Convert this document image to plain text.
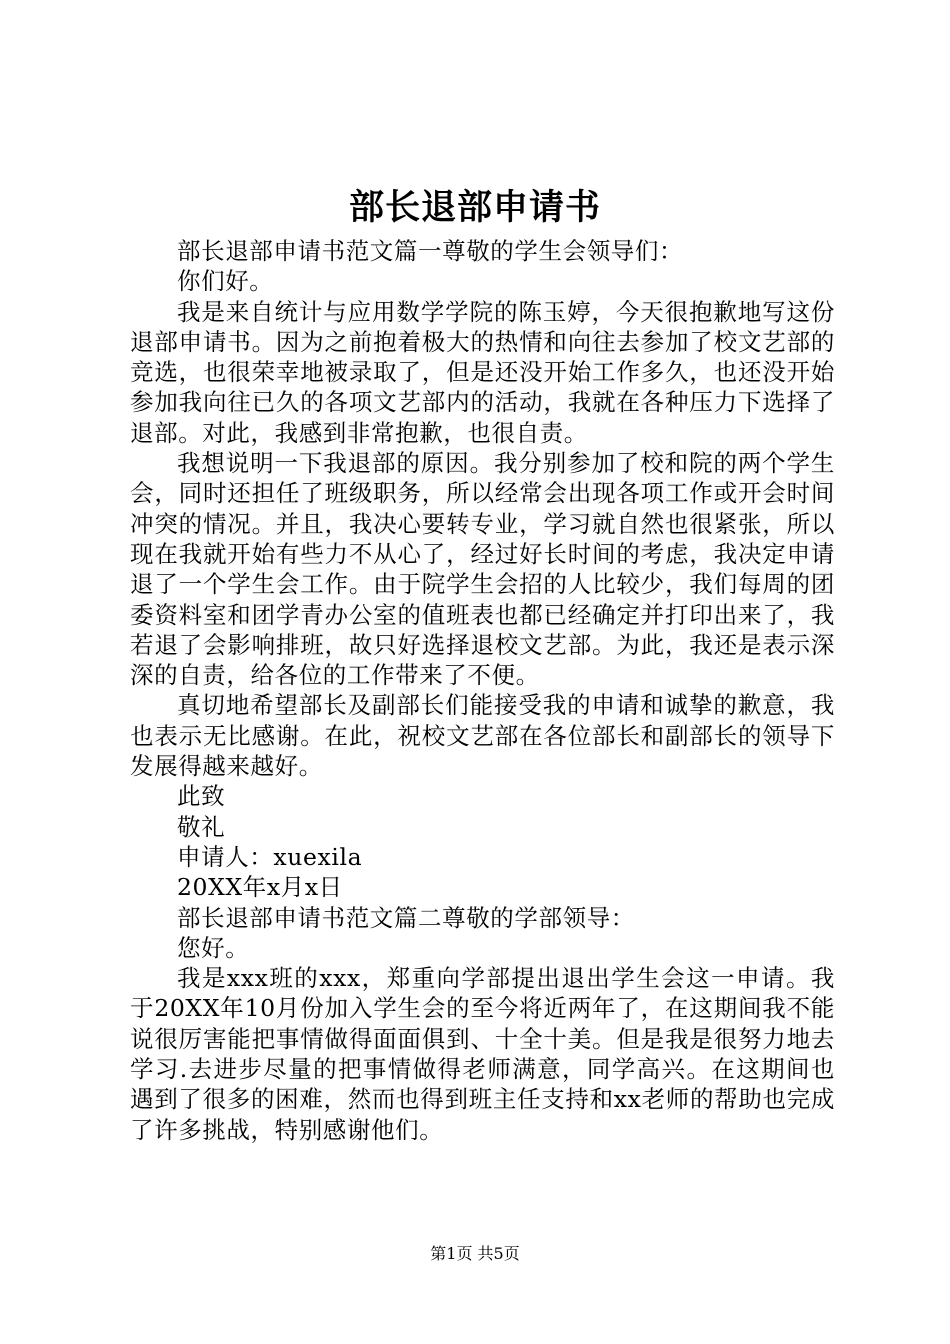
部长退部申请书

部长退部申请书范文篇一尊敬的学生会领导们：

你们好。

我是来自统计与应用数学学院的陈玉婷，今天很抱歉地写这份退部申请书。因为之前抱着极大的热情和向往去参加了校文艺部的竞选，也很荣幸地被录取了，但是还没开始工作多久，也还没开始参加我向往已久的各项文艺部内的活动，我就在各种压力下选择了退部。对此，我感到非常抱歉，也很自责。

我想说明一下我退部的原因。我分别参加了校和院的两个学生会，同时还担任了班级职务，所以经常会出现各项工作或开会时间冲突的情况。并且，我决心要转专业，学习就自然也很紧张，所以现在我就开始有些力不从心了，经过好长时间的考虑，我决定申请退了一个学生会工作。由于院学生会招的人比较少，我们每周的团委资料室和团学青办公室的值班表也都已经确定并打印出来了，我若退了会影响排班，故只好选择退校文艺部。为此，我还是表示深深的自责，给各位的工作带来了不便。

真切地希望部长及副部长们能接受我的申请和诚挚的歉意，我也表示无比感谢。在此，祝校文艺部在各位部长和副部长的领导下发展得越来越好。

此致

敬礼

申请人：xuexila

20XX年x月x日

部长退部申请书范文篇二尊敬的学部领导：

您好。

我是xxx班的xxx，郑重向学部提出退出学生会这一申请。我于20XX年10月份加入学生会的至今将近两年了，在这期间我不能说很厉害能把事情做得面面俱到、十全十美。但是我是很努力地去学习.去进步尽量的把事情做得老师满意，同学高兴。在这期间也遇到了很多的困难，然而也得到班主任支持和xx老师的帮助也完成了许多挑战，特别感谢他们。

第1页 共5页
